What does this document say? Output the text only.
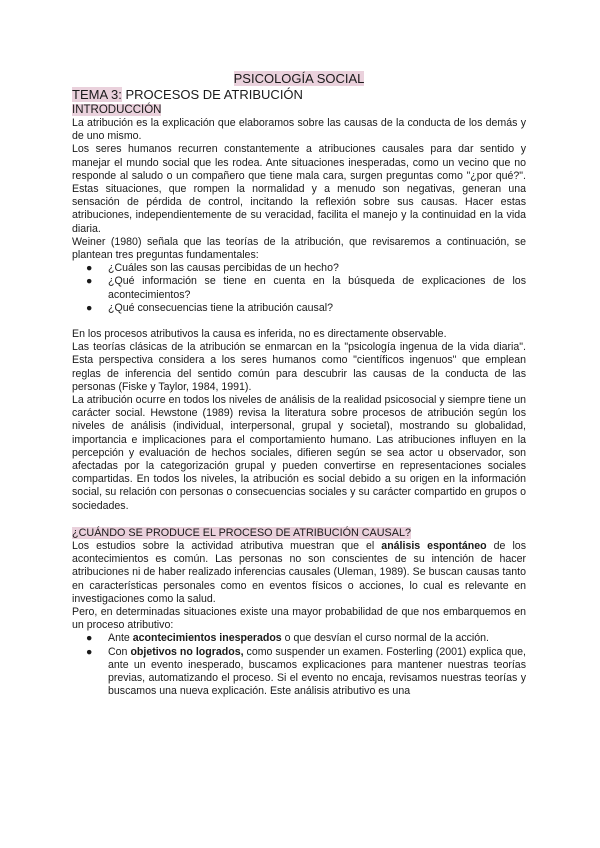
PSICOLOGÍA SOCIAL
TEMA 3: PROCESOS DE ATRIBUCIÓN
INTRODUCCIÓN

La atribución es la explicación que elaboramos sobre las causas de la conducta de los demás y de uno mismo.

Los seres humanos recurren constantemente a atribuciones causales para dar sentido y manejar el mundo social que les rodea. Ante situaciones inesperadas, como un vecino que no responde al saludo o un compañero que tiene mala cara, surgen preguntas como "¿por qué?". Estas situaciones, que rompen la normalidad y a menudo son negativas, generan una sensación de pérdida de control, incitando la reflexión sobre sus causas. Hacer estas atribuciones, independientemente de su veracidad, facilita el manejo y la continuidad en la vida diaria.

Weiner (1980) señala que las teorías de la atribución, que revisaremos a continuación, se plantean tres preguntas fundamentales:

● ¿Cuáles son las causas percibidas de un hecho?
● ¿Qué información se tiene en cuenta en la búsqueda de explicaciones de los acontecimientos?
● ¿Qué consecuencias tiene la atribución causal?

En los procesos atributivos la causa es inferida, no es directamente observable.

Las teorías clásicas de la atribución se enmarcan en la "psicología ingenua de la vida diaria". Esta perspectiva considera a los seres humanos como "científicos ingenuos" que emplean reglas de inferencia del sentido común para descubrir las causas de la conducta de las personas (Fiske y Taylor, 1984, 1991).

La atribución ocurre en todos los niveles de análisis de la realidad psicosocial y siempre tiene un carácter social. Hewstone (1989) revisa la literatura sobre procesos de atribución según los niveles de análisis (individual, interpersonal, grupal y societal), mostrando su globalidad, importancia e implicaciones para el comportamiento humano. Las atribuciones influyen en la percepción y evaluación de hechos sociales, difieren según se sea actor u observador, son afectadas por la categorización grupal y pueden convertirse en representaciones sociales compartidas. En todos los niveles, la atribución es social debido a su origen en la información social, su relación con personas o consecuencias sociales y su carácter compartido en grupos o sociedades.

¿CUÁNDO SE PRODUCE EL PROCESO DE ATRIBUCIÓN CAUSAL?

Los estudios sobre la actividad atributiva muestran que el análisis espontáneo de los acontecimientos es común. Las personas no son conscientes de su intención de hacer atribuciones ni de haber realizado inferencias causales (Uleman, 1989). Se buscan causas tanto en características personales como en eventos físicos o acciones, lo cual es relevante en investigaciones como la salud.

Pero, en determinadas situaciones existe una mayor probabilidad de que nos embarquemos en un proceso atributivo:

● Ante acontecimientos inesperados o que desvían el curso normal de la acción.
● Con objetivos no logrados, como suspender un examen. Fosterling (2001) explica que, ante un evento inesperado, buscamos explicaciones para mantener nuestras teorías previas, automatizando el proceso. Si el evento no encaja, revisamos nuestras teorías y buscamos una nueva explicación. Este análisis atributivo es una
